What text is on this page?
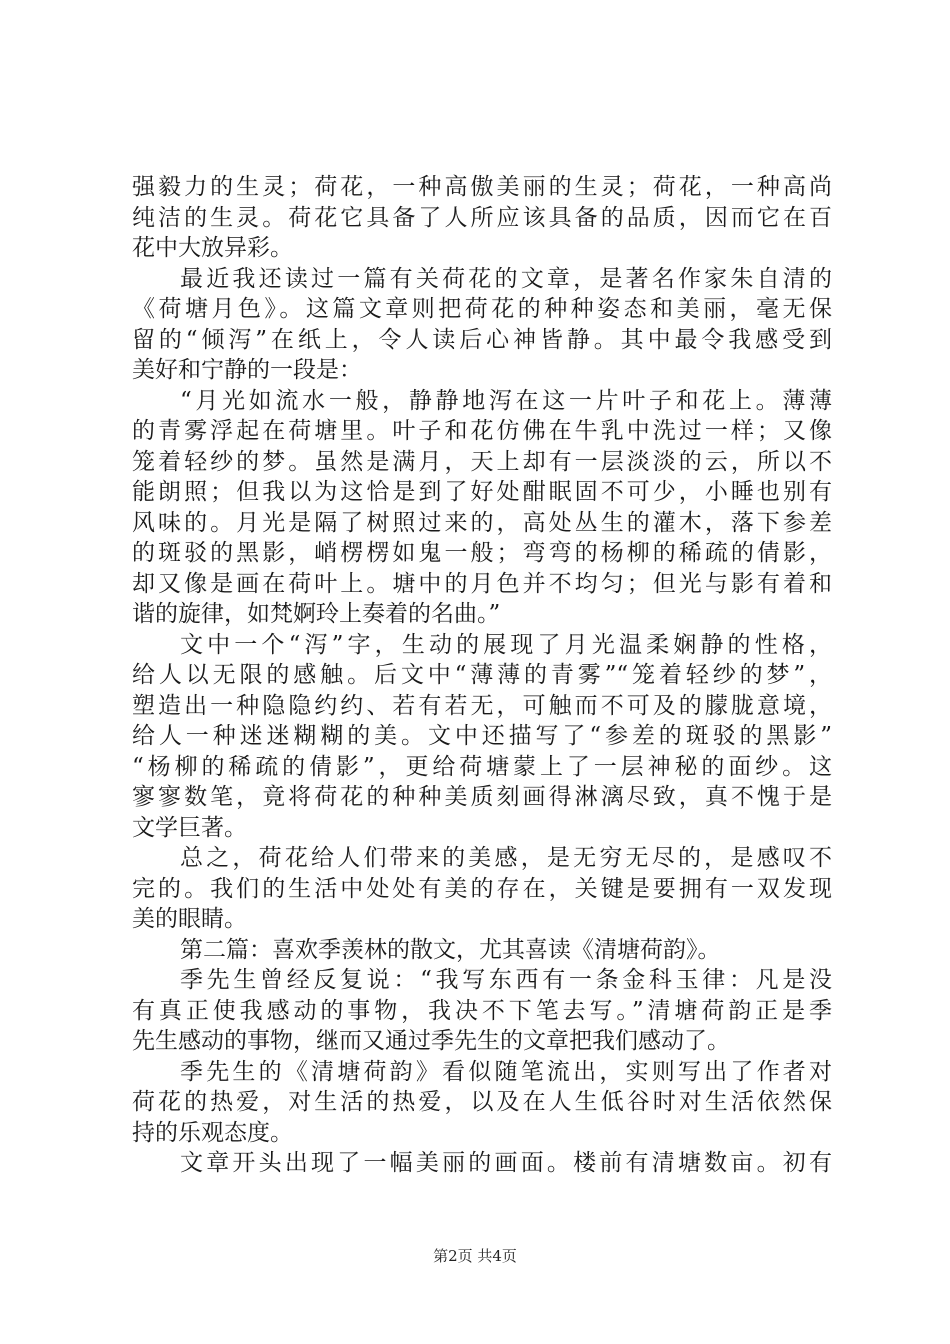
强毅力的生灵；荷花，一种高傲美丽的生灵；荷花，一种高尚
纯洁的生灵。荷花它具备了人所应该具备的品质，因而它在百
花中大放异彩。
最近我还读过一篇有关荷花的文章，是著名作家朱自清的
《荷塘月色》。这篇文章则把荷花的种种姿态和美丽，毫无保
留的“倾泻”在纸上，令人读后心神皆静。其中最令我感受到
美好和宁静的一段是：
“月光如流水一般，静静地泻在这一片叶子和花上。薄薄
的青雾浮起在荷塘里。叶子和花仿佛在牛乳中洗过一样；又像
笼着轻纱的梦。虽然是满月，天上却有一层淡淡的云，所以不
能朗照；但我以为这恰是到了好处酣眠固不可少，小睡也别有
风味的。月光是隔了树照过来的，高处丛生的灌木，落下参差
的斑驳的黑影，峭楞楞如鬼一般；弯弯的杨柳的稀疏的倩影，
却又像是画在荷叶上。塘中的月色并不均匀；但光与影有着和
谐的旋律，如梵婀玲上奏着的名曲。”
文中一个“泻”字，生动的展现了月光温柔娴静的性格，
给人以无限的感触。后文中“薄薄的青雾”“笼着轻纱的梦”，
塑造出一种隐隐约约、若有若无，可触而不可及的朦胧意境，
给人一种迷迷糊糊的美。文中还描写了“参差的斑驳的黑影”
“杨柳的稀疏的倩影”，更给荷塘蒙上了一层神秘的面纱。这
寥寥数笔，竟将荷花的种种美质刻画得淋漓尽致，真不愧于是
文学巨著。
总之，荷花给人们带来的美感，是无穷无尽的，是感叹不
完的。我们的生活中处处有美的存在，关键是要拥有一双发现
美的眼睛。
第二篇：喜欢季羡林的散文，尤其喜读《清塘荷韵》。
季先生曾经反复说：“我写东西有一条金科玉律：凡是没
有真正使我感动的事物，我决不下笔去写。”清塘荷韵正是季
先生感动的事物，继而又通过季先生的文章把我们感动了。
季先生的《清塘荷韵》看似随笔流出，实则写出了作者对
荷花的热爱，对生活的热爱，以及在人生低谷时对生活依然保
持的乐观态度。
文章开头出现了一幅美丽的画面。楼前有清塘数亩。初有
第2页 共4页
